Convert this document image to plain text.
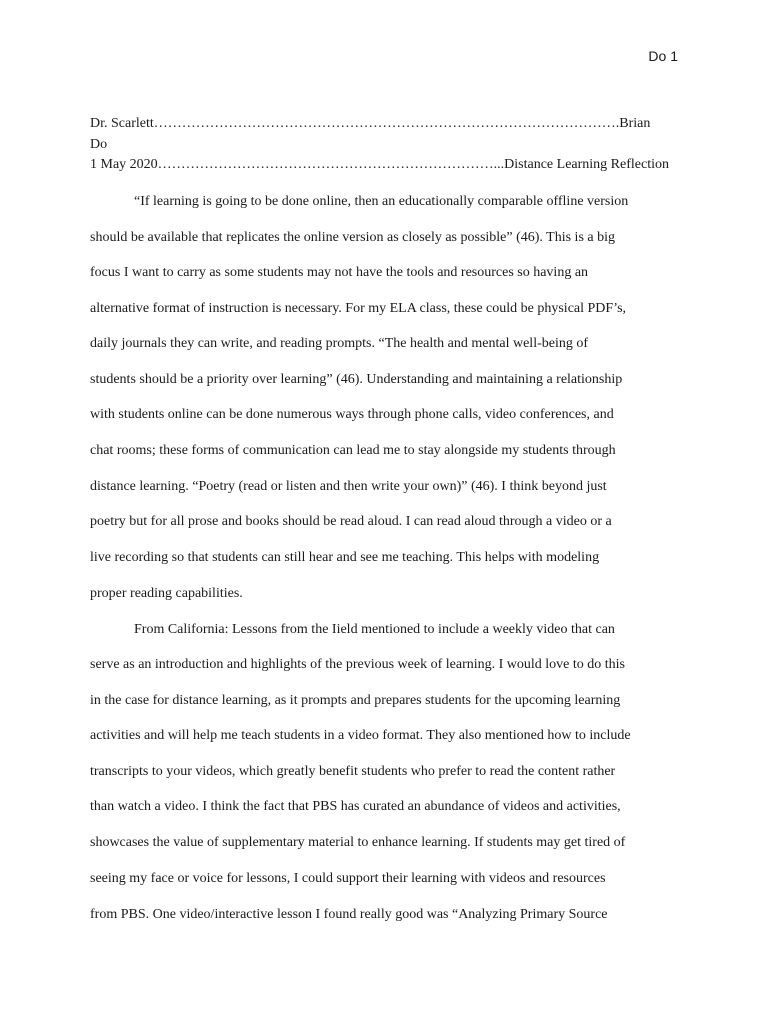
Do 1
Dr. Scarlett……………………………………………………………………………………….Brian
Do
1 May 2020………………………………………………………………...Distance Learning Reflection
“If learning is going to be done online, then an educationally comparable offline version
should be available that replicates the online version as closely as possible” (46). This is a big
focus I want to carry as some students may not have the tools and resources so having an
alternative format of instruction is necessary. For my ELA class, these could be physical PDF’s,
daily journals they can write, and reading prompts. “The health and mental well-being of
students should be a priority over learning” (46). Understanding and maintaining a relationship
with students online can be done numerous ways through phone calls, video conferences, and
chat rooms; these forms of communication can lead me to stay alongside my students through
distance learning. “Poetry (read or listen and then write your own)” (46). I think beyond just
poetry but for all prose and books should be read aloud. I can read aloud through a video or a
live recording so that students can still hear and see me teaching. This helps with modeling
proper reading capabilities.
From California: Lessons from the Iield mentioned to include a weekly video that can
serve as an introduction and highlights of the previous week of learning. I would love to do this
in the case for distance learning, as it prompts and prepares students for the upcoming learning
activities and will help me teach students in a video format. They also mentioned how to include
transcripts to your videos, which greatly benefit students who prefer to read the content rather
than watch a video. I think the fact that PBS has curated an abundance of videos and activities,
showcases the value of supplementary material to enhance learning. If students may get tired of
seeing my face or voice for lessons, I could support their learning with videos and resources
from PBS. One video/interactive lesson I found really good was “Analyzing Primary Source
